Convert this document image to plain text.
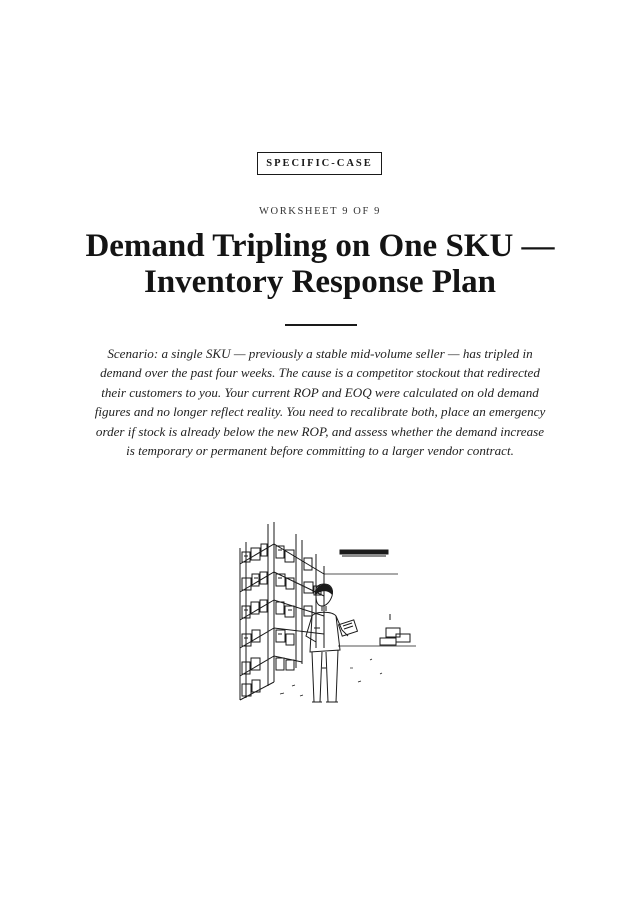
SPECIFIC-CASE
WORKSHEET 9 OF 9
Demand Tripling on One SKU — Inventory Response Plan

Scenario: a single SKU — previously a stable mid-volume seller — has tripled in demand over the past four weeks. The cause is a competitor stockout that redirected their customers to you. Your current ROP and EOQ were calculated on old demand figures and no longer reflect reality. You need to recalibrate both, place an emergency order if stock is already below the new ROP, and assess whether the demand increase is temporary or permanent before committing to a larger vendor contract.
